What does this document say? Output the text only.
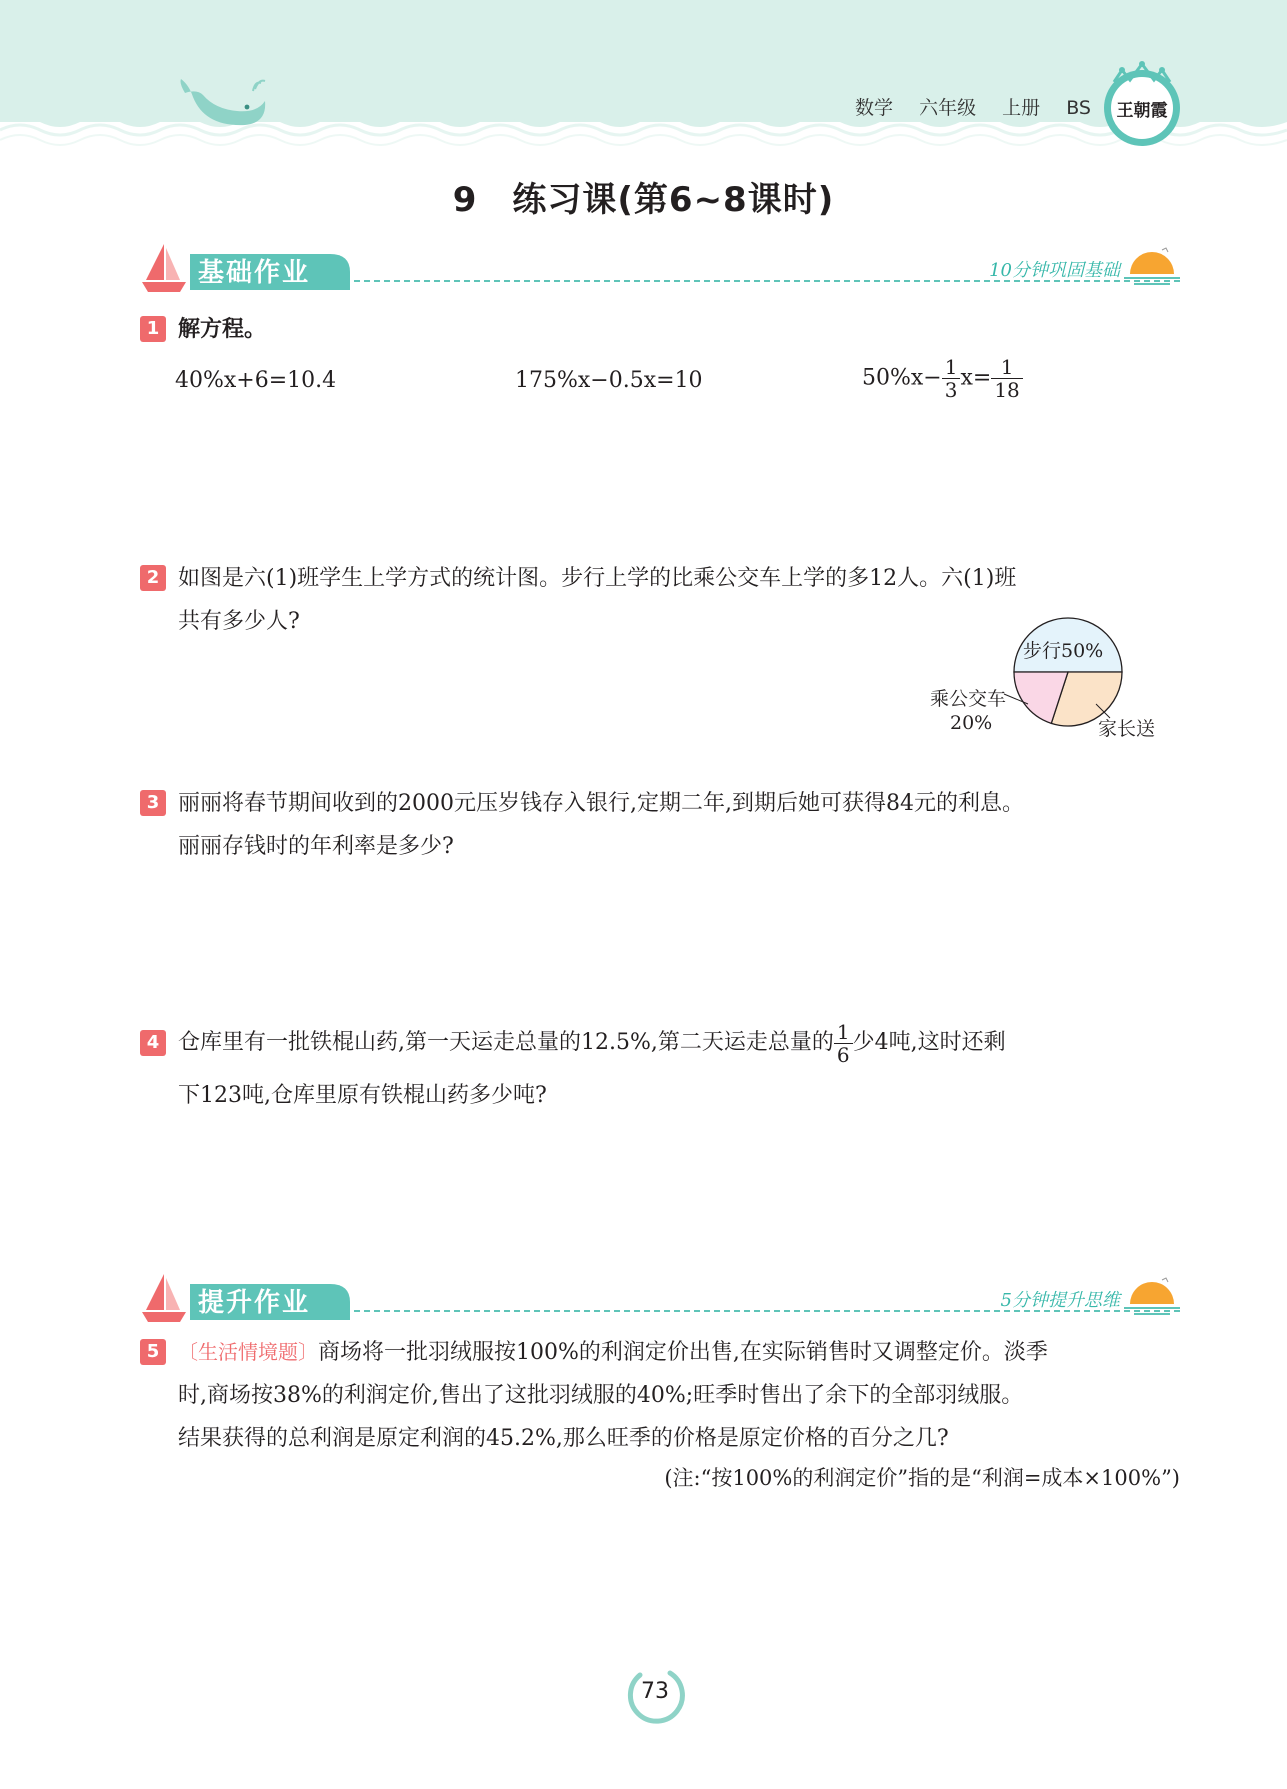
数学 六年级 上册 BS	王朝霞
9　练习课(第6~8课时)
基础作业	10分钟巩固基础
1 解方程。
40%x+6=10.4	175%x−0.5x=10	$50\%x- \frac{1}{3} x= \frac{1}{18}$
2 如图是六(1)班学生上学方式的统计图。步行上学的比乘公交车上学的多12人。六(1)班
共有多少人?
步行50%
乘公交车
20%	家长送
3 丽丽将春节期间收到的2000元压岁钱存入银行,定期二年,到期后她可获得84元的利息。
丽丽存钱时的年利率是多少?
4 仓库里有一批铁棍山药,第一天运走总量的12.5%,第二天运走总量的 $\frac{1}{6}$ 少4吨,这时还剩
下123吨,仓库里原有铁棍山药多少吨?
提升作业	5分钟提升思维
5 〔生活情境题〕商场将一批羽绒服按100%的利润定价出售,在实际销售时又调整定价。淡季
时,商场按38%的利润定价,售出了这批羽绒服的40%;旺季时售出了余下的全部羽绒服。
结果获得的总利润是原定利润的45.2%,那么旺季的价格是原定价格的百分之几?
(注:“按100%的利润定价”指的是“利润=成本×100%”)
73
